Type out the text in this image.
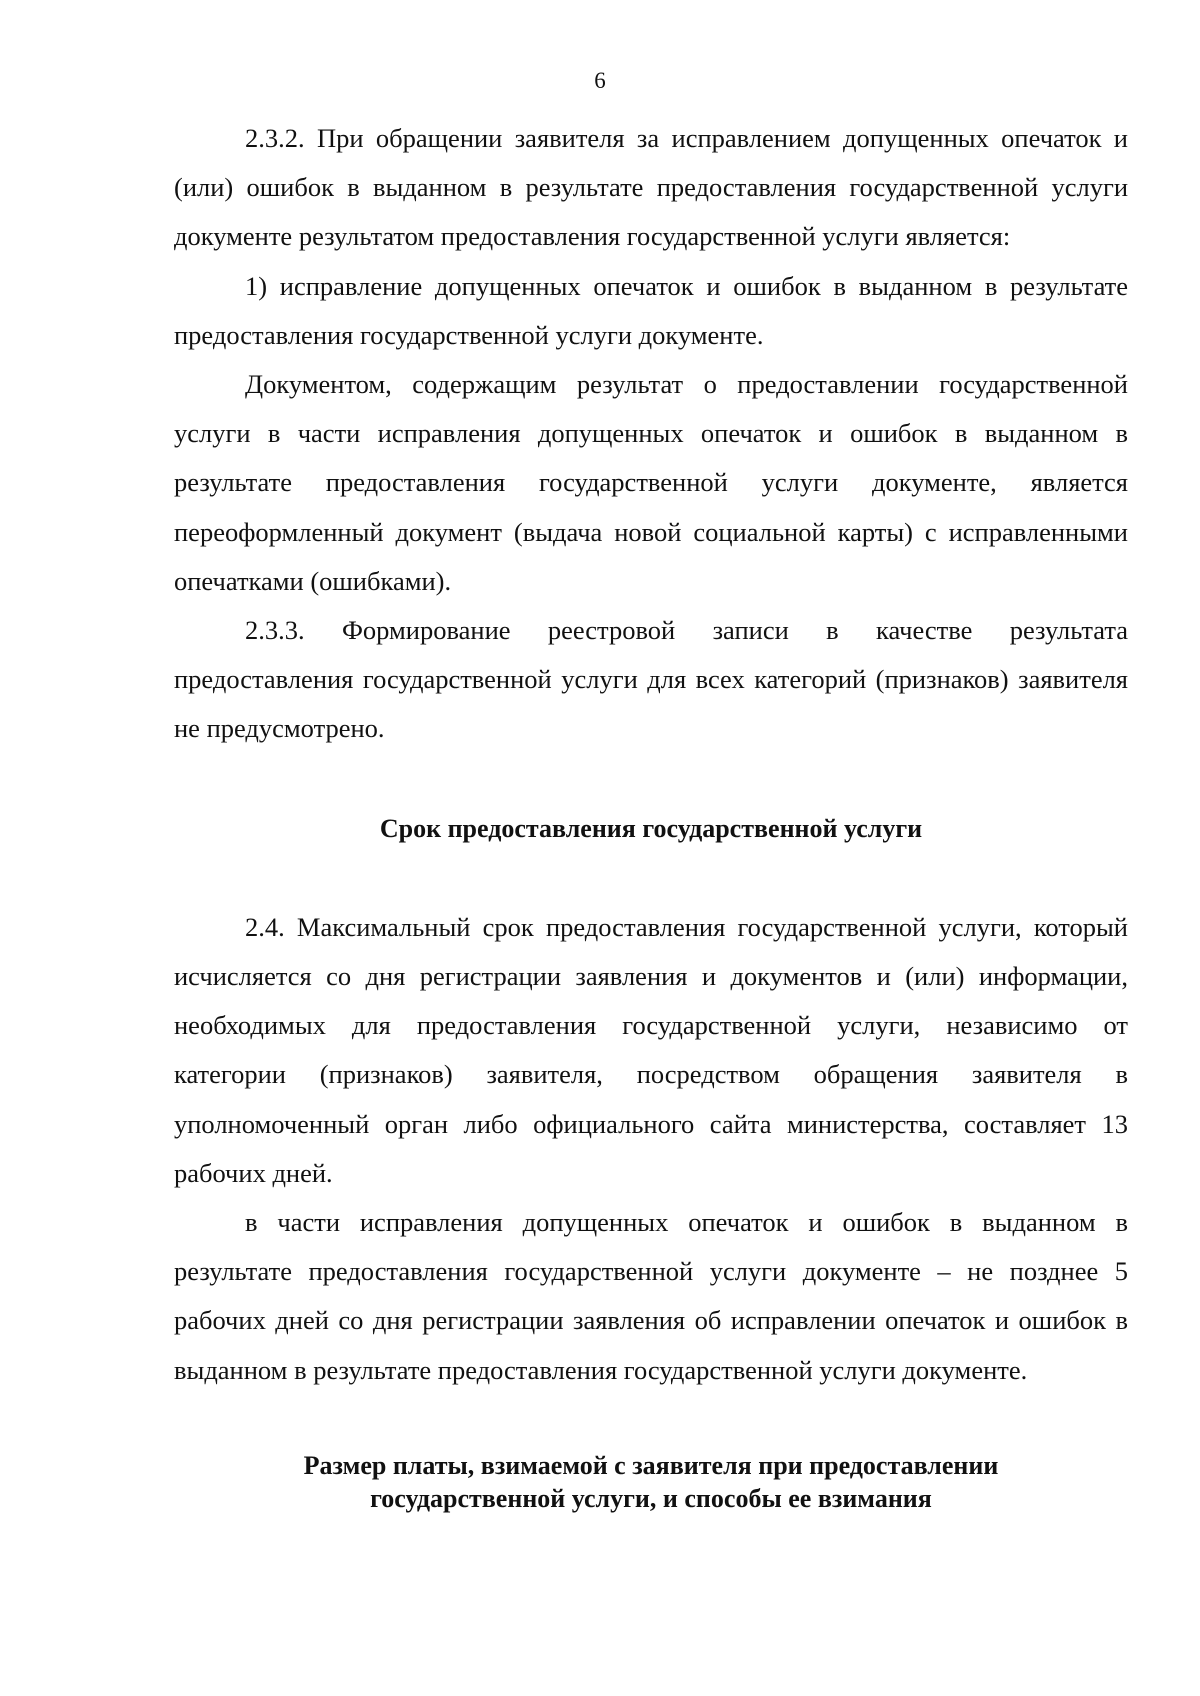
6

2.3.2. При обращении заявителя за исправлением допущенных опечаток и (или) ошибок в выданном в результате предоставления государственной услуги документе результатом предоставления государственной услуги является:

1) исправление допущенных опечаток и ошибок в выданном в результате предоставления государственной услуги документе.

Документом, содержащим результат о предоставлении государственной услуги в части исправления допущенных опечаток и ошибок в выданном в результате предоставления государственной услуги документе, является переоформленный документ (выдача новой социальной карты) с исправленными опечатками (ошибками).

2.3.3. Формирование реестровой записи в качестве результата предоставления государственной услуги для всех категорий (признаков) заявителя не предусмотрено.

Срок предоставления государственной услуги

2.4. Максимальный срок предоставления государственной услуги, который исчисляется со дня регистрации заявления и документов и (или) информации, необходимых для предоставления государственной услуги, независимо от категории (признаков) заявителя, посредством обращения заявителя в уполномоченный орган либо официального сайта министерства, составляет 13 рабочих дней.

в части исправления допущенных опечаток и ошибок в выданном в результате предоставления государственной услуги документе – не позднее 5 рабочих дней со дня регистрации заявления об исправлении опечаток и ошибок в выданном в результате предоставления государственной услуги документе.

Размер платы, взимаемой с заявителя при предоставлении
государственной услуги, и способы ее взимания
